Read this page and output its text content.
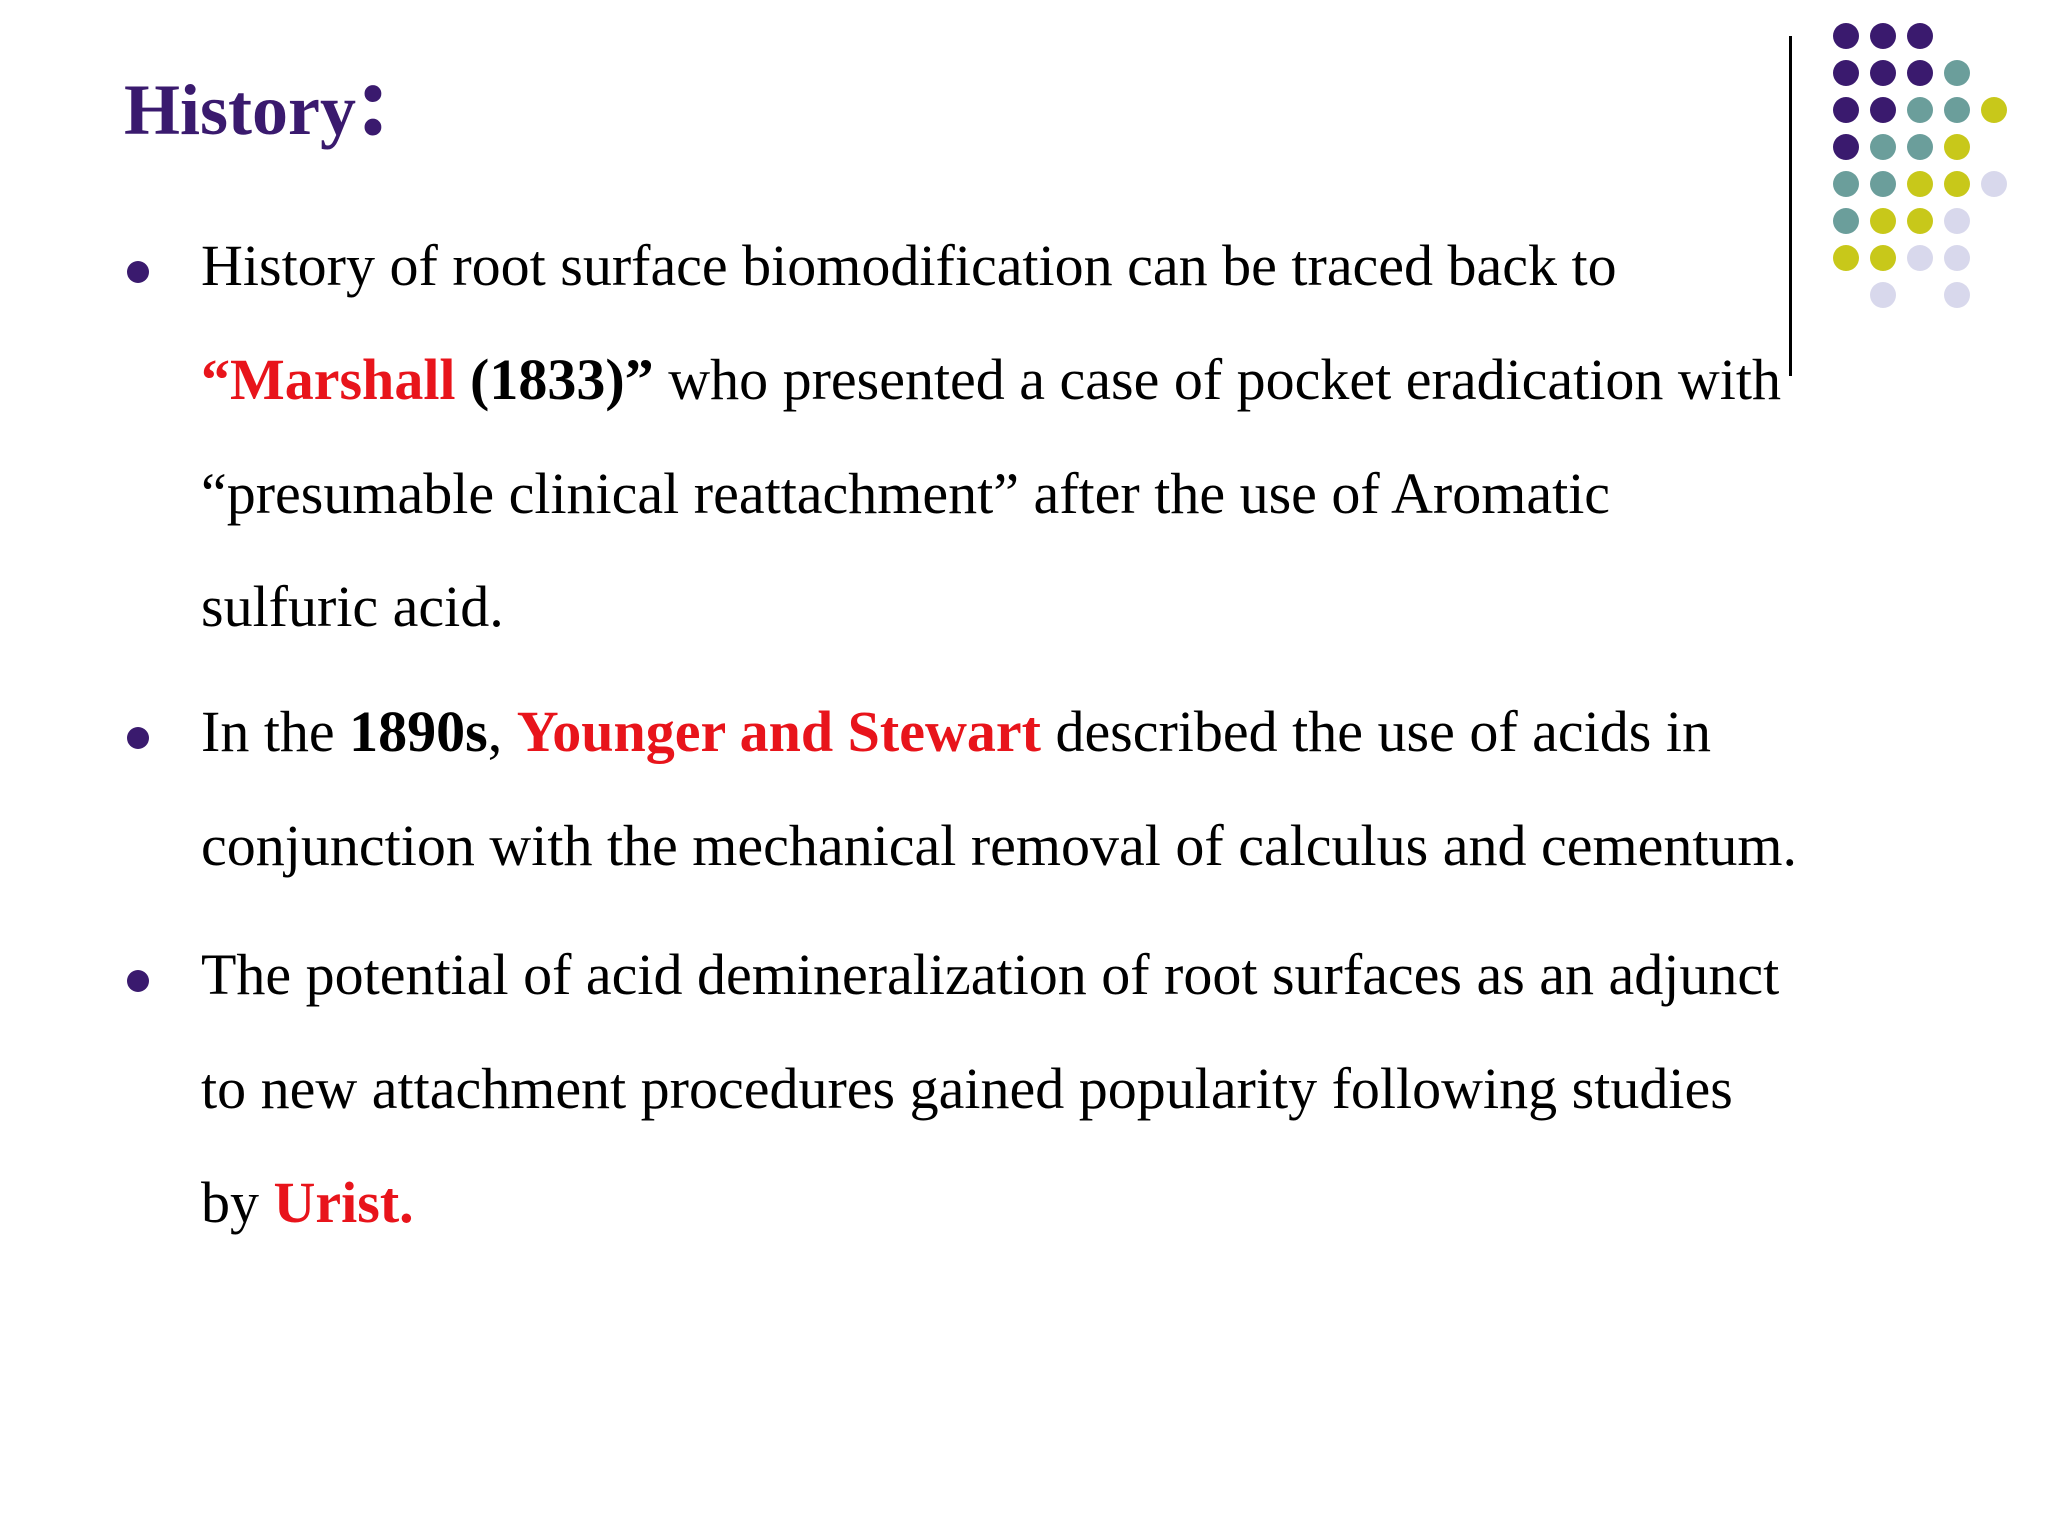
History:
History of root surface biomodification can be traced back to
“Marshall (1833)” who presented a case of pocket eradication with
“presumable clinical reattachment” after the use of Aromatic
sulfuric acid.
In the 1890s, Younger and Stewart described the use of acids in
conjunction with the mechanical removal of calculus and cementum.
The potential of acid demineralization of root surfaces as an adjunct
to new attachment procedures gained popularity following studies
by Urist.
